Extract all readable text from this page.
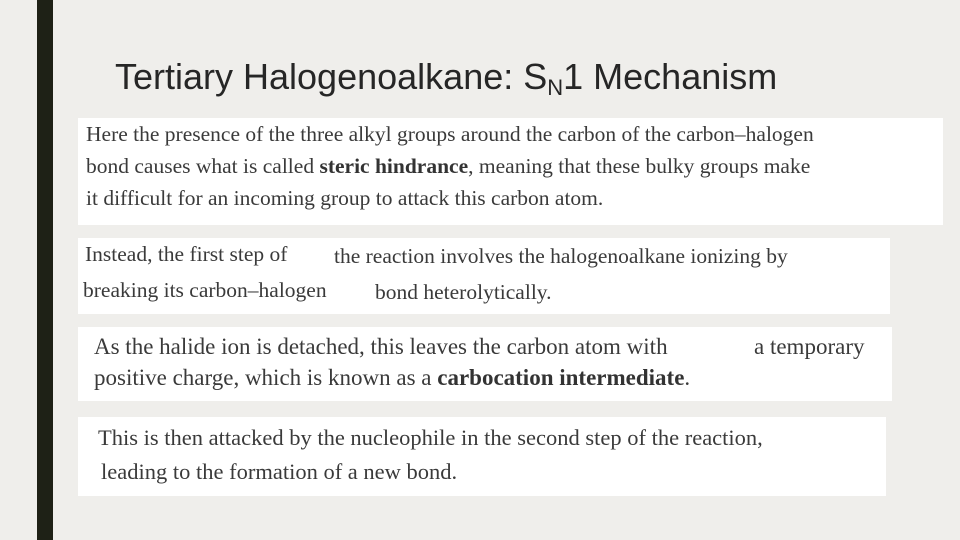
Tertiary Halogenoalkane: $S_N1$ Mechanism
Here the presence of the three alkyl groups around the carbon of the carbon–halogen
bond causes what is called steric hindrance, meaning that these bulky groups make
it difficult for an incoming group to attack this carbon atom.
Instead, the first step of the reaction involves the halogenoalkane ionizing by
breaking its carbon–halogen bond heterolytically.
As the halide ion is detached, this leaves the carbon atom with	a temporary
positive charge, which is known as a carbocation intermediate.
This is then attacked by the nucleophile in the second step of the reaction,
leading to the formation of a new bond.
